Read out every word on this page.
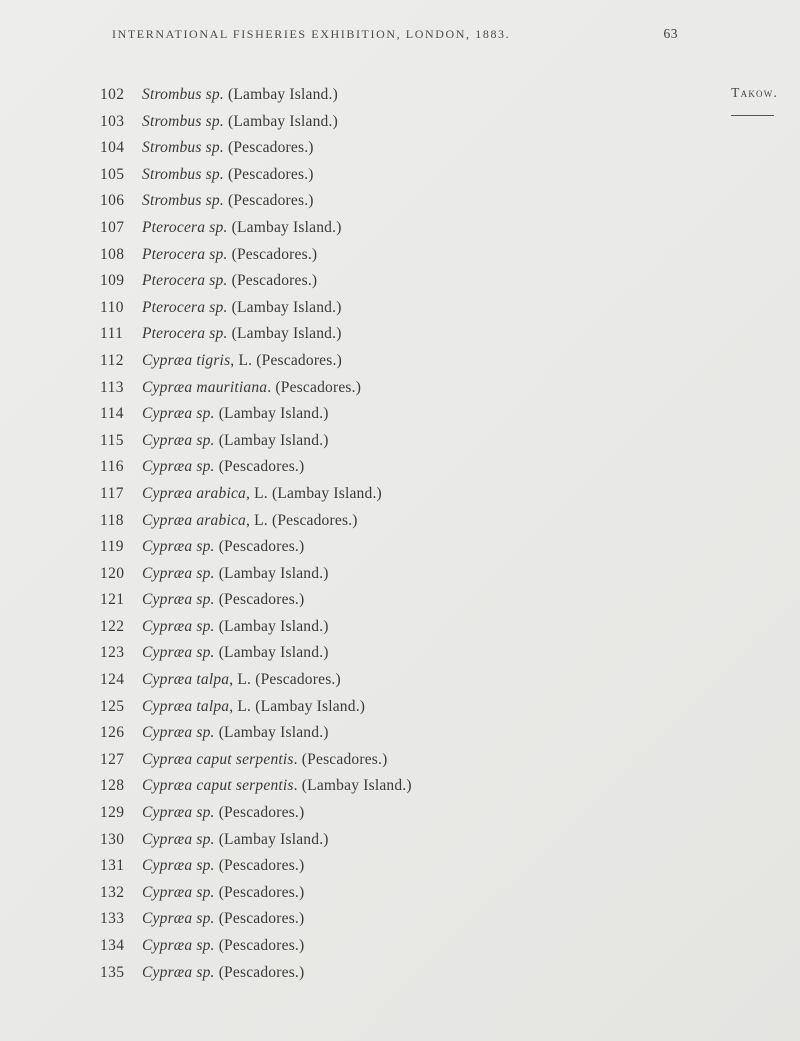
INTERNATIONAL FISHERIES EXHIBITION, LONDON, 1883.	63
Takow.
102 Strombus sp. (Lambay Island.)
103 Strombus sp. (Lambay Island.)
104 Strombus sp. (Pescadores.)
105 Strombus sp. (Pescadores.)
106 Strombus sp. (Pescadores.)
107 Pterocera sp. (Lambay Island.)
108 Pterocera sp. (Pescadores.)
109 Pterocera sp. (Pescadores.)
110 Pterocera sp. (Lambay Island.)
111 Pterocera sp. (Lambay Island.)
112 Cypræa tigris, L. (Pescadores.)
113 Cypræa mauritiana. (Pescadores.)
114 Cypræa sp. (Lambay Island.)
115 Cypræa sp. (Lambay Island.)
116 Cypræa sp. (Pescadores.)
117 Cypræa arabica, L. (Lambay Island.)
118 Cypræa arabica, L. (Pescadores.)
119 Cypræa sp. (Pescadores.)
120 Cypræa sp. (Lambay Island.)
121 Cypræa sp. (Pescadores.)
122 Cypræa sp. (Lambay Island.)
123 Cypræa sp. (Lambay Island.)
124 Cypræa talpa, L. (Pescadores.)
125 Cypræa talpa, L. (Lambay Island.)
126 Cypræa sp. (Lambay Island.)
127 Cypræa caput serpentis. (Pescadores.)
128 Cypræa caput serpentis. (Lambay Island.)
129 Cypræa sp. (Pescadores.)
130 Cypræa sp. (Lambay Island.)
131 Cypræa sp. (Pescadores.)
132 Cypræa sp. (Pescadores.)
133 Cypræa sp. (Pescadores.)
134 Cypræa sp. (Pescadores.)
135 Cypræa sp. (Pescadores.)
